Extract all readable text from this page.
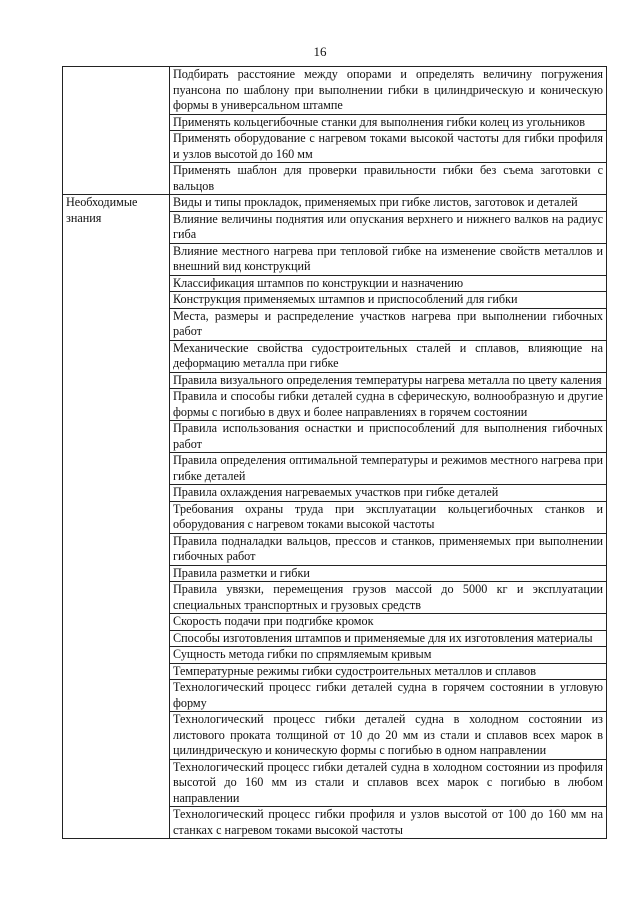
16
	Подбирать расстояние между опорами и определять величину погружения пуансона по шаблону при выполнении гибки в цилиндрическую и коническую формы в универсальном штампе
	Применять кольцегибочные станки для выполнения гибки колец из угольников
	Применять оборудование с нагревом токами высокой частоты для гибки профиля и узлов высотой до 160 мм
	Применять шаблон для проверки правильности гибки без съема заготовки с вальцов
Необходимые знания	Виды и типы прокладок, применяемых при гибке листов, заготовок и деталей
	Влияние величины поднятия или опускания верхнего и нижнего валков на радиус гиба
	Влияние местного нагрева при тепловой гибке на изменение свойств металлов и внешний вид конструкций
	Классификация штампов по конструкции и назначению
	Конструкция применяемых штампов и приспособлений для гибки
	Места, размеры и распределение участков нагрева при выполнении гибочных работ
	Механические свойства судостроительных сталей и сплавов, влияющие на деформацию металла при гибке
	Правила визуального определения температуры нагрева металла по цвету каления
	Правила и способы гибки деталей судна в сферическую, волнообразную и другие формы с погибью в двух и более направлениях в горячем состоянии
	Правила использования оснастки и приспособлений для выполнения гибочных работ
	Правила определения оптимальной температуры и режимов местного нагрева при гибке деталей
	Правила охлаждения нагреваемых участков при гибке деталей
	Требования охраны труда при эксплуатации кольцегибочных станков и оборудования с нагревом токами высокой частоты
	Правила подналадки вальцов, прессов и станков, применяемых при выполнении гибочных работ
	Правила разметки и гибки
	Правила увязки, перемещения грузов массой до 5000 кг и эксплуатации специальных транспортных и грузовых средств
	Скорость подачи при подгибке кромок
	Способы изготовления штампов и применяемые для их изготовления материалы
	Сущность метода гибки по спрямляемым кривым
	Температурные режимы гибки судостроительных металлов и сплавов
	Технологический процесс гибки деталей судна в горячем состоянии в угловую форму
	Технологический процесс гибки деталей судна в холодном состоянии из листового проката толщиной от 10 до 20 мм из стали и сплавов всех марок в цилиндрическую и коническую формы с погибью в одном направлении
	Технологический процесс гибки деталей судна в холодном состоянии из профиля высотой до 160 мм из стали и сплавов всех марок с погибью в любом направлении
	Технологический процесс гибки профиля и узлов высотой от 100 до 160 мм на станках с нагревом токами высокой частоты
